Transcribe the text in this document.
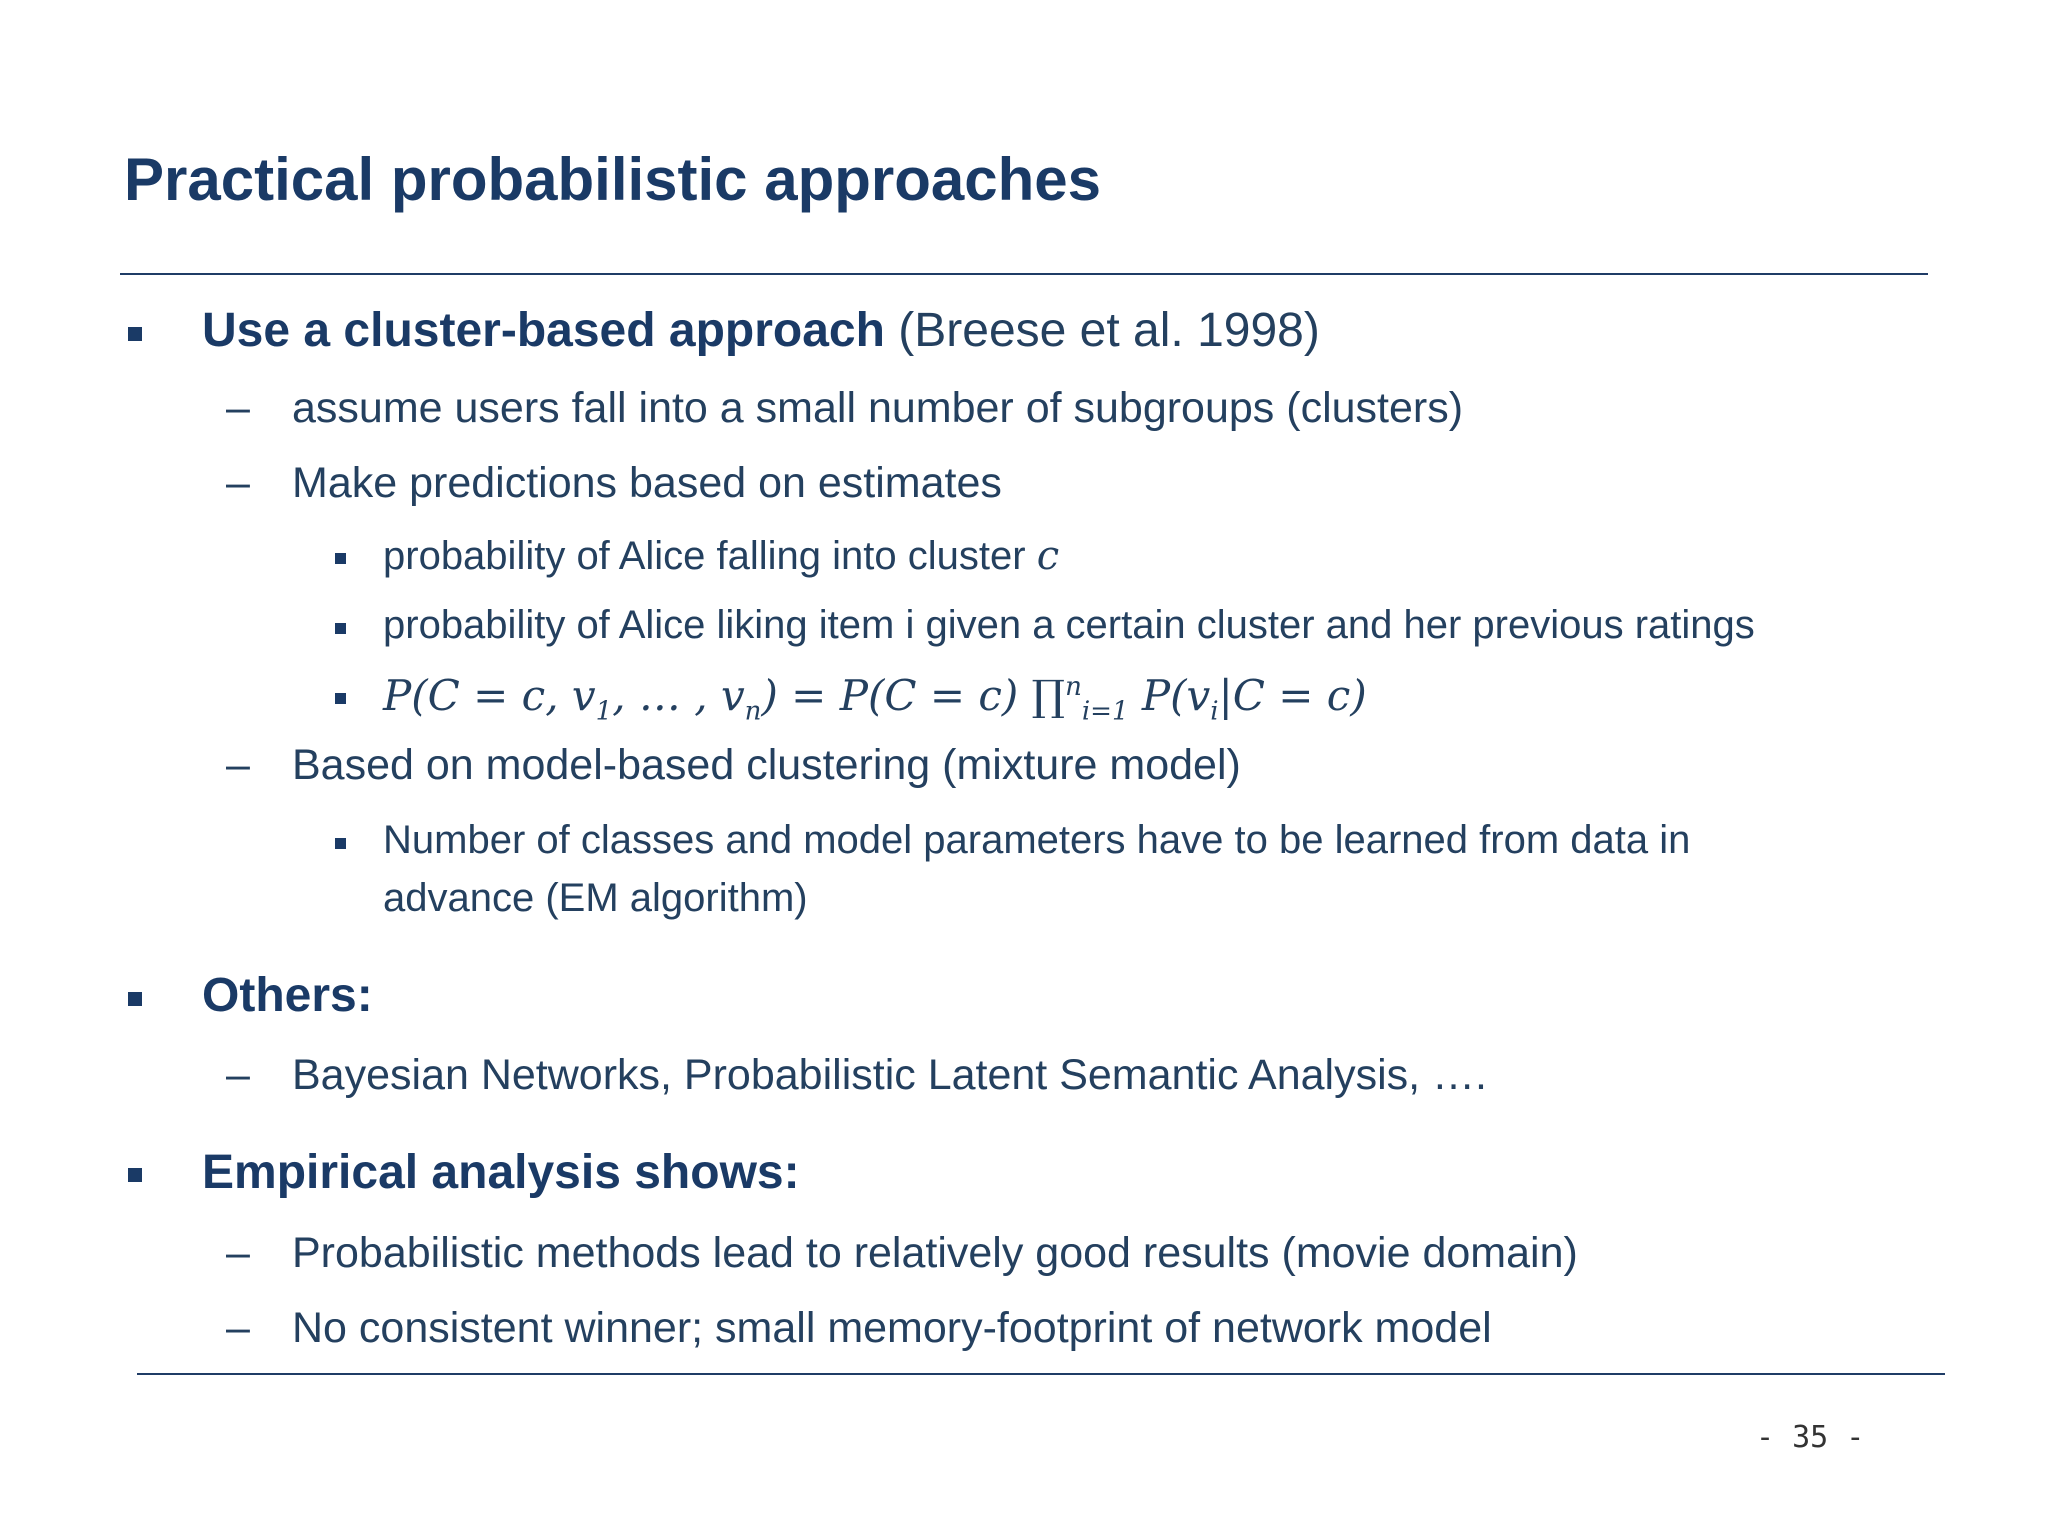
Practical probabilistic approaches
Use a cluster-based approach (Breese et al. 1998)
– assume users fall into a small number of subgroups (clusters)
– Make predictions based on estimates
probability of Alice falling into cluster c
probability of Alice liking item i given a certain cluster and her previous ratings
P(C = c, $v_1$, … , $v_n) = P(C = c)$ ∏$^n_{i=1}$ $P(v_i|C = c)$
– Based on model-based clustering (mixture model)
Number of classes and model parameters have to be learned from data in
advance (EM algorithm)
Others:
– Bayesian Networks, Probabilistic Latent Semantic Analysis, ….
Empirical analysis shows:
– Probabilistic methods lead to relatively good results (movie domain)
– No consistent winner; small memory-footprint of network model
- 35 -
